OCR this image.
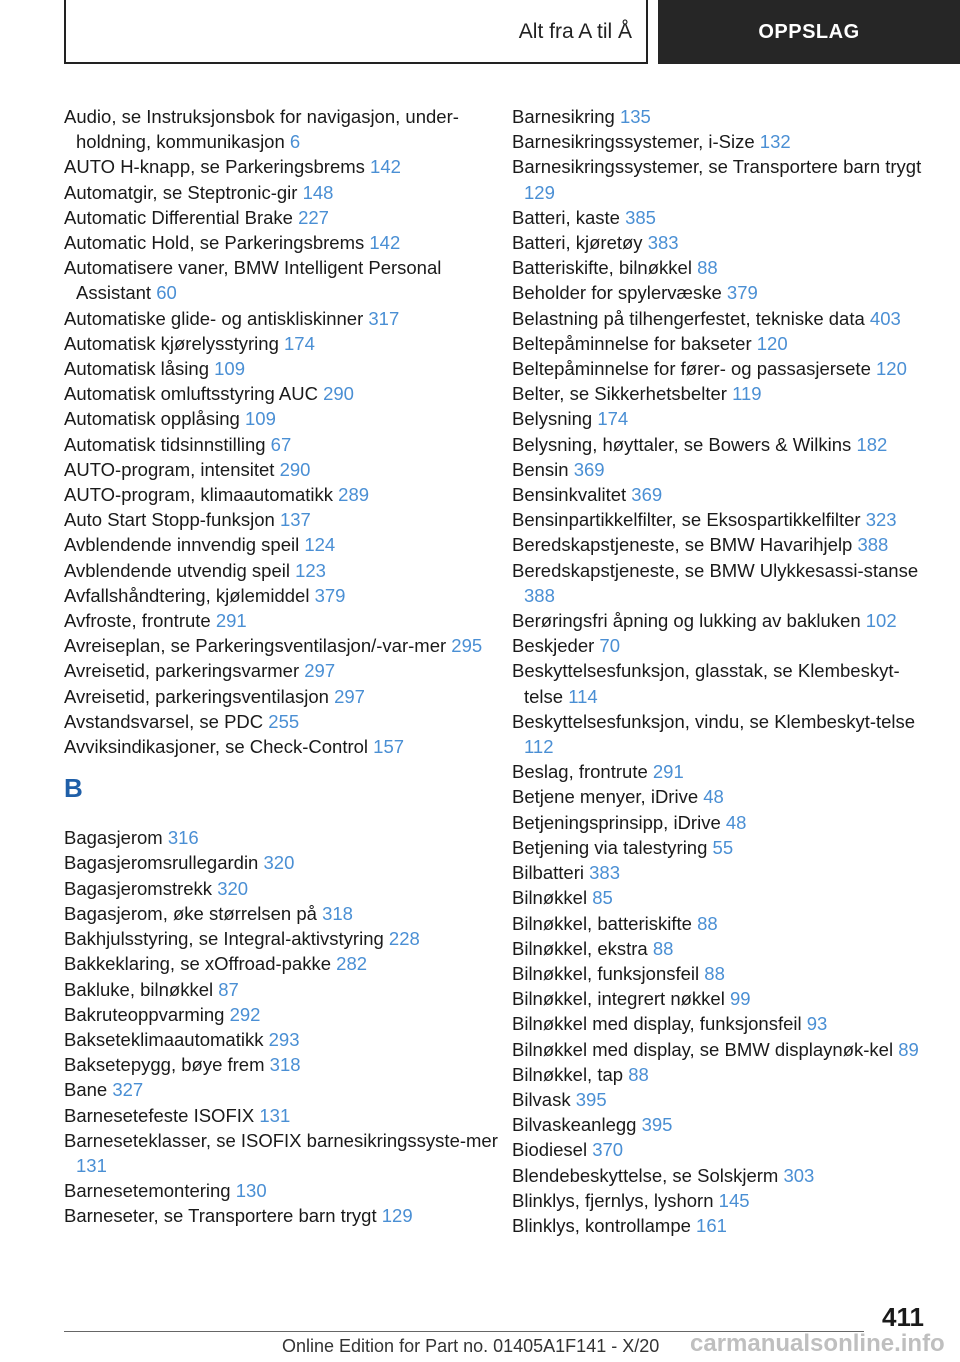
Alt fra A til Å	OPPSLAG
Audio, se Instruksjonsbok for navigasjon, under-holdning, kommunikasjon 6
AUTO H-knapp, se Parkeringsbrems 142
Automatgir, se Steptronic-gir 148
Automatic Differential Brake 227
Automatic Hold, se Parkeringsbrems 142
Automatisere vaner, BMW Intelligent Personal Assistant 60
Automatiske glide- og antiskliskinner 317
Automatisk kjørelysstyring 174
Automatisk låsing 109
Automatisk omluftsstyring AUC 290
Automatisk opplåsing 109
Automatisk tidsinnstilling 67
AUTO-program, intensitet 290
AUTO-program, klimaautomatikk 289
Auto Start Stopp-funksjon 137
Avblendende innvendig speil 124
Avblendende utvendig speil 123
Avfallshåndtering, kjølemiddel 379
Avfroste, frontrute 291
Avreiseplan, se Parkeringsventilasjon/-var-mer 295
Avreisetid, parkeringsvarmer 297
Avreisetid, parkeringsventilasjon 297
Avstandsvarsel, se PDC 255
Avviksindikasjoner, se Check-Control 157
B
Bagasjerom 316
Bagasjeromsrullegardin 320
Bagasjeromstrekk 320
Bagasjerom, øke størrelsen på 318
Bakhjulsstyring, se Integral-aktivstyring 228
Bakkeklaring, se xOffroad-pakke 282
Bakluke, bilnøkkel 87
Bakruteoppvarming 292
Bakseteklimaautomatikk 293
Baksetерygg, bøye frem 318
Bane 327
Barnesetefeste ISOFIX 131
Barneseteklasser, se ISOFIX barnesikringssyste-mer 131
Barnesetemontering 130
Barneseter, se Transportere barn trygt 129
Barnesikring 135
Barnesikringssystemer, i-Size 132
Barnesikringssystemer, se Transportere barn trygt 129
Batteri, kaste 385
Batteri, kjøretøy 383
Batteriskifte, bilnøkkel 88
Beholder for spylervæske 379
Belastning på tilhengerfestet, tekniske data 403
Beltepåminnelse for bakseter 120
Beltepåminnelse for fører- og passasjersete 120
Belter, se Sikkerhetsbelter 119
Belysning 174
Belysning, høyttaler, se Bowers & Wilkins 182
Bensin 369
Bensinkvalitet 369
Bensinpartikkelfilter, se Eksospartikkelfilter 323
Beredskapstjeneste, se BMW Havarihjelp 388
Beredskapstjeneste, se BMW Ulykkesassi-stanse 388
Berøringsfri åpning og lukking av bakluken 102
Beskjeder 70
Beskyttelsesfunksjon, glasstak, se Klembeskyt-telse 114
Beskyttelsesfunksjon, vindu, se Klembeskyt-telse 112
Beslag, frontrute 291
Betjene menyer, iDrive 48
Betjeningsprinsipp, iDrive 48
Betjening via talestyring 55
Bilbatteri 383
Bilnøkkel 85
Bilnøkkel, batteriskifte 88
Bilnøkkel, ekstra 88
Bilnøkkel, funksjonsfeil 88
Bilnøkkel, integrert nøkkel 99
Bilnøkkel med display, funksjonsfeil 93
Bilnøkkel med display, se BMW displaynøk-kel 89
Bilnøkkel, tap 88
Bilvask 395
Bilvaskeanlegg 395
Biodiesel 370
Blendebeskyttelse, se Solskjerm 303
Blinklys, fjernlys, lyshorn 145
Blinklys, kontrollampe 161
411
Online Edition for Part no. 01405A1F141 - X/20 carmanualsonline.info
